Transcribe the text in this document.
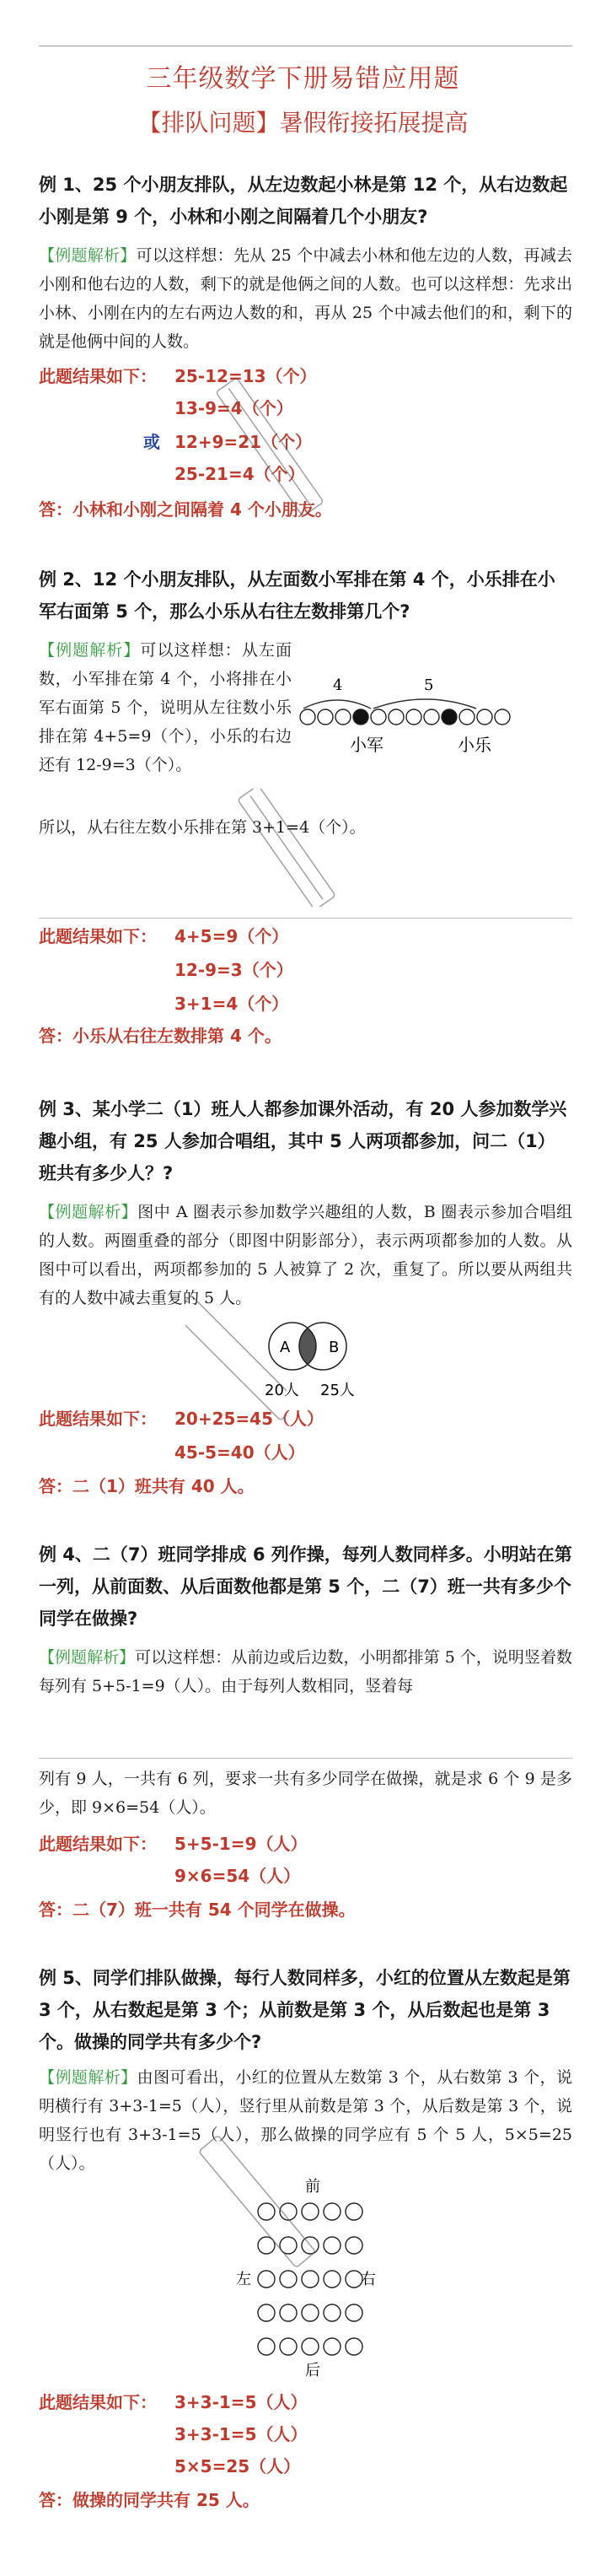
三年级数学下册易错应用题
【排队问题】暑假衔接拓展提高
例 1、25 个小朋友排队，从左边数起小林是第 12 个，从右边数起小刚是第 9 个，小林和小刚之间隔着几个小朋友?
【例题解析】可以这样想：先从 25 个中减去小林和他左边的人数，再减去小刚和他右边的人数，剩下的就是他俩之间的人数。也可以这样想：先求出小林、小刚在内的左右两边人数的和，再从 25 个中减去他们的和，剩下的就是他俩中间的人数。
此题结果如下： 25-12=13（个）
13-9=4（个）
或 12+9=21（个）
25-21=4（个）
答：小林和小刚之间隔着 4 个小朋友。
例 2、12 个小朋友排队，从左面数小军排在第 4 个，小乐排在小军右面第 5 个，那么小乐从右往左数排第几个?
【例题解析】可以这样想：从左面数，小军排在第 4 个，小将排在小军右面第 5 个，说明从左往数小乐排在第 4+5=9（个），小乐的右边还有 12-9=3（个）。
所以，从右往左数小乐排在第 3+1=4（个）。
4	5
小军	小乐
此题结果如下： 4+5=9（个）
12-9=3（个）
3+1=4（个）
答：小乐从右往左数排第 4 个。
例 3、某小学二（1）班人人都参加课外活动，有 20 人参加数学兴趣小组，有 25 人参加合唱组，其中 5 人两项都参加，问二（1）班共有多少人？?
【例题解析】图中 A 圈表示参加数学兴趣组的人数，B 圈表示参加合唱组的人数。两圈重叠的部分（即图中阴影部分），表示两项都参加的人数。从图中可以看出，两项都参加的 5 人被算了 2 次，重复了。所以要从两组共有的人数中减去重复的 5 人。
A	B
20人 25人
此题结果如下： 20+25=45（人）
45-5=40（人）
答：二（1）班共有 40 人。
例 4、二（7）班同学排成 6 列作操，每列人数同样多。小明站在第一列，从前面数、从后面数他都是第 5 个，二（7）班一共有多少个同学在做操?
【例题解析】可以这样想：从前边或后边数，小明都排第 5 个，说明竖着数每列有 5+5-1=9（人）。由于每列人数相同，竖着每
列有 9 人，一共有 6 列，要求一共有多少同学在做操，就是求 6 个 9 是多少，即 9×6=54（人）。
此题结果如下： 5+5-1=9（人）
9×6=54（人）
答：二（7）班一共有 54 个同学在做操。
例 5、同学们排队做操，每行人数同样多，小红的位置从左数起是第 3 个，从右数起是第 3 个；从前数是第 3 个，从后数起也是第 3 个。做操的同学共有多少个?
【例题解析】由图可看出，小红的位置从左数第 3 个，从右数第 3 个，说明横行有 3+3-1=5（人），竖行里从前数是第 3 个，从后数是第 3 个，说明竖行也有 3+3-1=5（人），那么做操的同学应有 5 个 5 人，5×5=25（人）。
前
左	右
后
此题结果如下： 3+3-1=5（人）
3+3-1=5（人）
5×5=25（人）
答：做操的同学共有 25 人。
